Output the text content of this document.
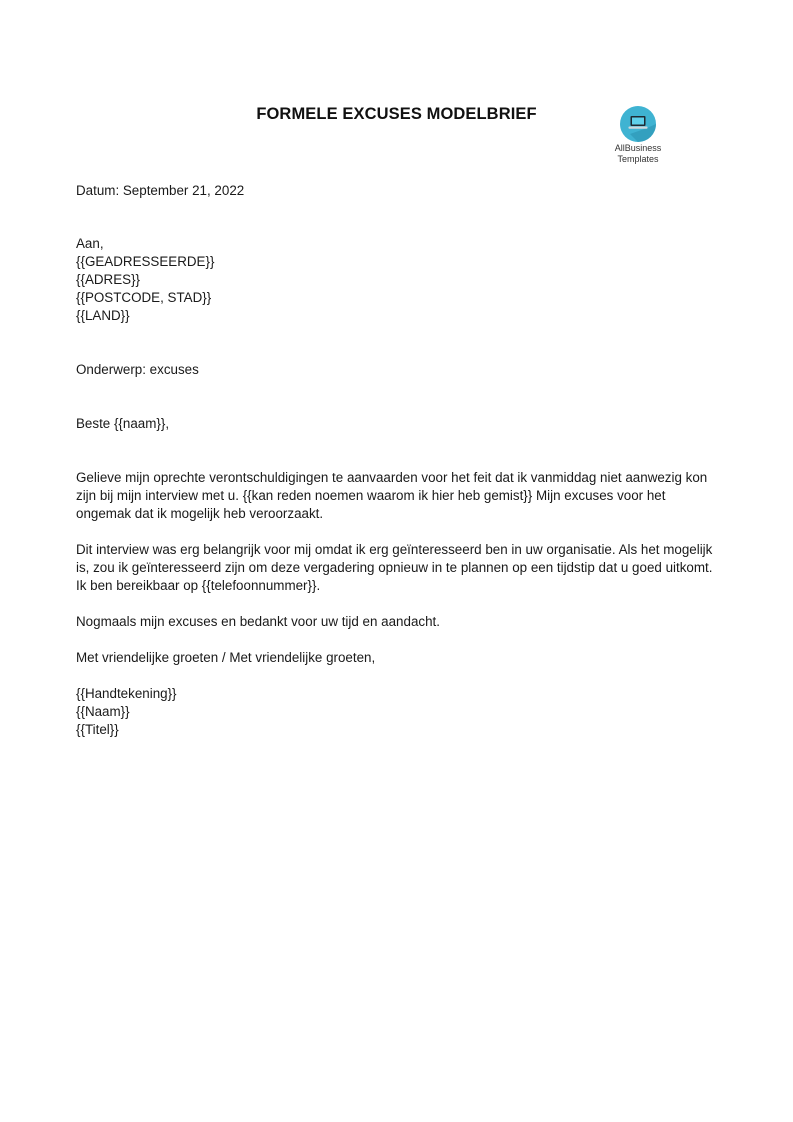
FORMELE EXCUSES MODELBRIEF
AllBusiness
Templates
Datum: September 21, 2022
Aan,
{{GEADRESSEERDE}}
{{ADRES}}
{{POSTCODE, STAD}}
{{LAND}}
Onderwerp: excuses
Beste {{naam}},
Gelieve mijn oprechte verontschuldigingen te aanvaarden voor het feit dat ik vanmiddag niet aanwezig kon
zijn bij mijn interview met u. {{kan reden noemen waarom ik hier heb gemist}} Mijn excuses voor het
ongemak dat ik mogelijk heb veroorzaakt.
Dit interview was erg belangrijk voor mij omdat ik erg geïnteresseerd ben in uw organisatie. Als het mogelijk
is, zou ik geïnteresseerd zijn om deze vergadering opnieuw in te plannen op een tijdstip dat u goed uitkomt.
Ik ben bereikbaar op {{telefoonnummer}}.
Nogmaals mijn excuses en bedankt voor uw tijd en aandacht.
Met vriendelijke groeten / Met vriendelijke groeten,
{{Handtekening}}
{{Naam}}
{{Titel}}
